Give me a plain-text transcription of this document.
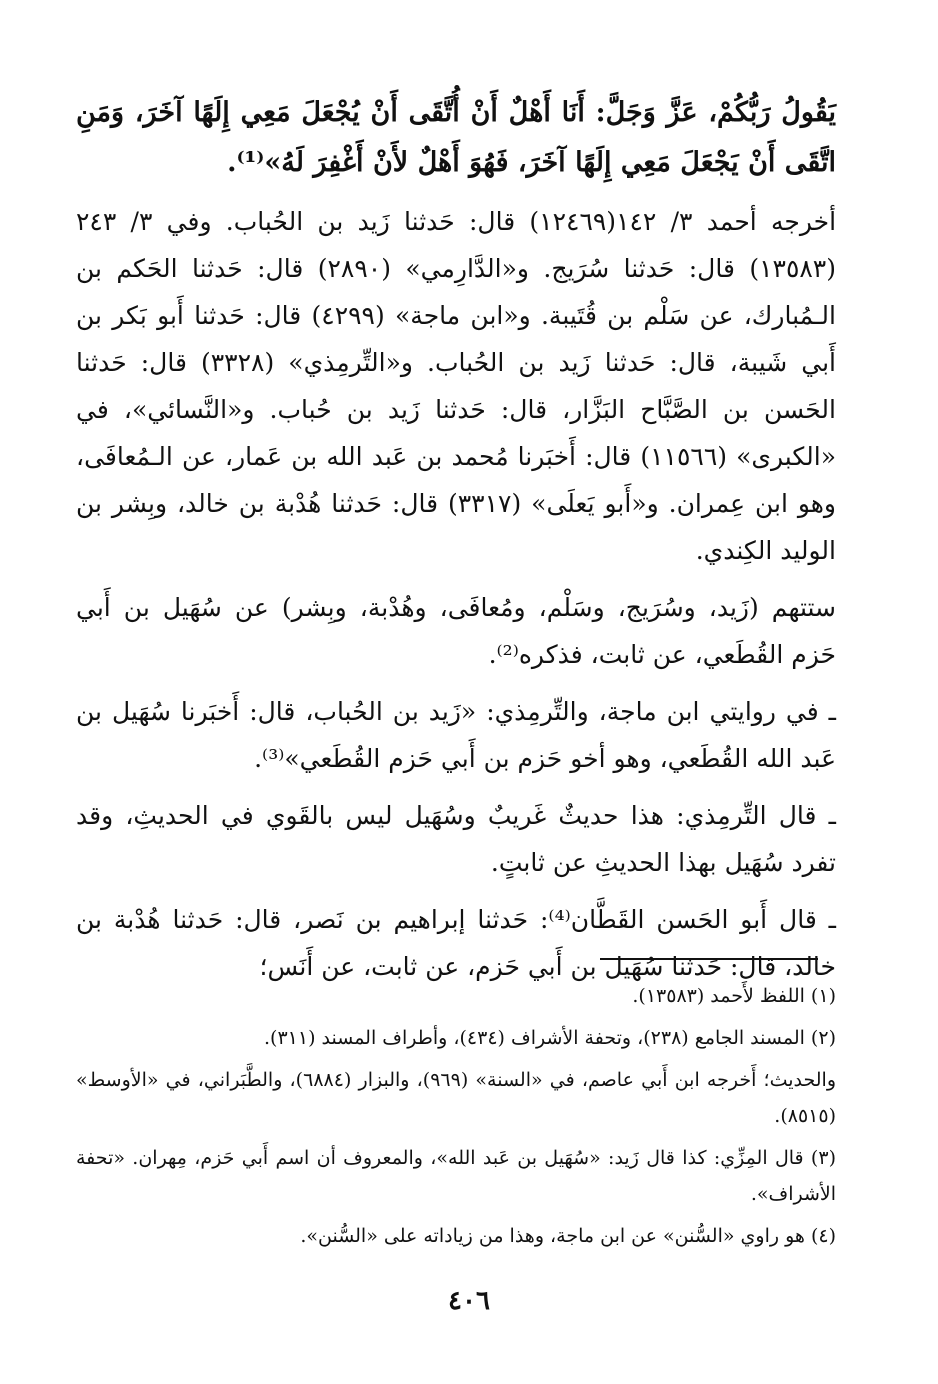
يَقُولُ رَبُّكُمْ، عَزَّ وَجَلَّ: أَنَا أَهْلٌ أَنْ أُتَّقَى أَنْ يُجْعَلَ مَعِي إِلَهًا آخَرَ، وَمَنِ اتَّقَى أَنْ يَجْعَلَ مَعِي إِلَهًا آخَرَ، فَهُوَ أَهْلٌ لأَنْ أَغْفِرَ لَهُ»⁽¹⁾.

أخرجه أحمد ٣/ ١٤٢(١٢٤٦٩) قال: حَدثنا زَيد بن الحُباب. وفي ٣/ ٢٤٣ (١٣٥٨٣) قال: حَدثنا سُرَيج. و«الدَّارِمي» (٢٨٩٠) قال: حَدثنا الحَكم بن الـمُبارك، عن سَلْم بن قُتَيبة. و«ابن ماجة» (٤٢٩٩) قال: حَدثنا أَبو بَكر بن أَبي شَيبة، قال: حَدثنا زَيد بن الحُباب. و«التِّرمِذي» (٣٣٢٨) قال: حَدثنا الحَسن بن الصَّبَّاح البَزَّار، قال: حَدثنا زَيد بن حُباب. و«النَّسائي»، في «الكبرى» (١١٥٦٦) قال: أَخبَرنا مُحمد بن عَبد الله بن عَمار، عن الـمُعافَى، وهو ابن عِمران. و«أَبو يَعلَى» (٣٣١٧) قال: حَدثنا هُدْبة بن خالد، وبِشر بن الوليد الكِندي.

ستتهم (زَيد، وسُرَيج، وسَلْم، ومُعافَى، وهُدْبة، وبِشر) عن سُهَيل بن أَبي حَزم القُطَعي، عن ثابت، فذكره⁽²⁾.

ـ في روايتي ابن ماجة، والتِّرمِذي: «زَيد بن الحُباب، قال: أَخبَرنا سُهَيل بن عَبد الله القُطَعي، وهو أخو حَزم بن أَبي حَزم القُطَعي»⁽³⁾.

ـ قال التِّرمِذي: هذا حديثٌ غَريبٌ وسُهَيل ليس بالقَوي في الحديثِ، وقد تفرد سُهَيل بهذا الحديثِ عن ثابتٍ.

ـ قال أَبو الحَسن القَطَّان⁽⁴⁾: حَدثنا إبراهيم بن نَصر، قال: حَدثنا هُدْبة بن خالد، قال: حَدثنا سُهَيل بن أَبي حَزم، عن ثابت، عن أَنَس؛

(١) اللفظ لأَحمد (١٣٥٨٣).

(٢) المسند الجامع (٢٣٨)، وتحفة الأشراف (٤٣٤)، وأطراف المسند (٣١١).

والحديث؛ أَخرجه ابن أَبي عاصم، في «السنة» (٩٦٩)، والبزار (٦٨٨٤)، والطَّبَراني، في «الأوسط» (٨٥١٥).

(٣) قال المِزِّي: كذا قال زَيد: «سُهَيل بن عَبد الله»، والمعروف أن اسم أَبي حَزم، مِهران. «تحفة الأشراف».

(٤) هو راوي «السُّنن» عن ابن ماجة، وهذا من زياداته على «السُّنن».

٤٠٦
